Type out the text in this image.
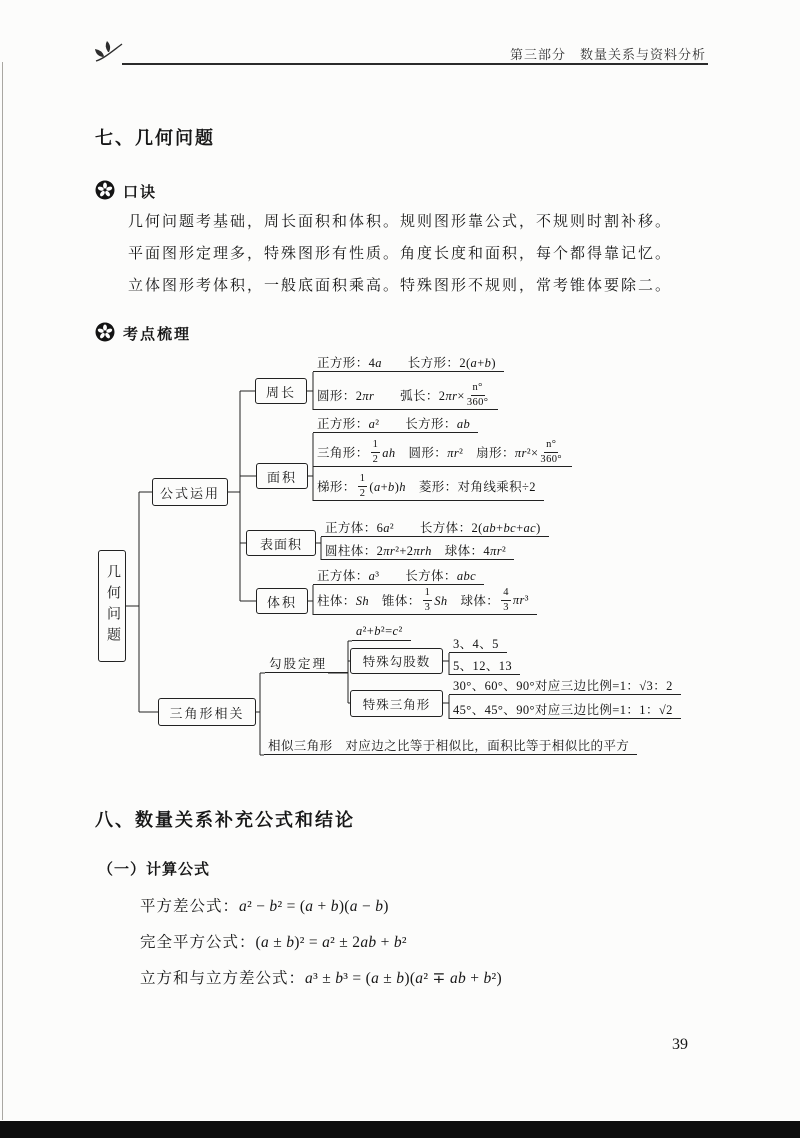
第三部分　数量关系与资料分析
七、几何问题
口诀
几何问题考基础，周长面积和体积。规则图形靠公式，不规则时割补移。
平面图形定理多，特殊图形有性质。角度长度和面积，每个都得靠记忆。
立体图形考体积，一般底面积乘高。特殊图形不规则，常考锥体要除二。
考点梳理
几何问题
公式运用
三角形相关
周长
面积
表面积
体积
正方形：4a　　长方形：2(a+b)
圆形：2πr　　弧长：$2\pi r\times \frac{n^\circ}{360^\circ}$
正方形：a²　　长方形：ab
三角形： $\frac{1}{2}$ ah　圆形：πr²　扇形：$\pi r^2\times \frac{n^\circ}{360^\circ}$
梯形： $\frac{1}{2} (a+b)h$　菱形：对角线乘积÷2
正方体：6a²　　长方体：2(ab+bc+ac)
圆柱体：2πr²+2πrh　球体：4πr²
正方体：a³　　长方体：abc
柱体：Sh　锥体： $\frac{1}{3}$ Sh　球体： $\frac{4}{3} \pi r^3$
勾股定理
a²+b²=c²
特殊勾股数
3、4、5
5、12、13
特殊三角形
30°、60°、90°对应三边比例=1：√3：2
45°、45°、90°对应三边比例=1：1：√2
相似三角形　对应边之比等于相似比，面积比等于相似比的平方
八、数量关系补充公式和结论
（一）计算公式
平方差公式：a² − b² = (a + b)(a − b)
完全平方公式：(a ± b)² = a² ± 2ab + b²
立方和与立方差公式：a³ ± b³ = (a ± b)(a² ∓ ab + b²)
39
